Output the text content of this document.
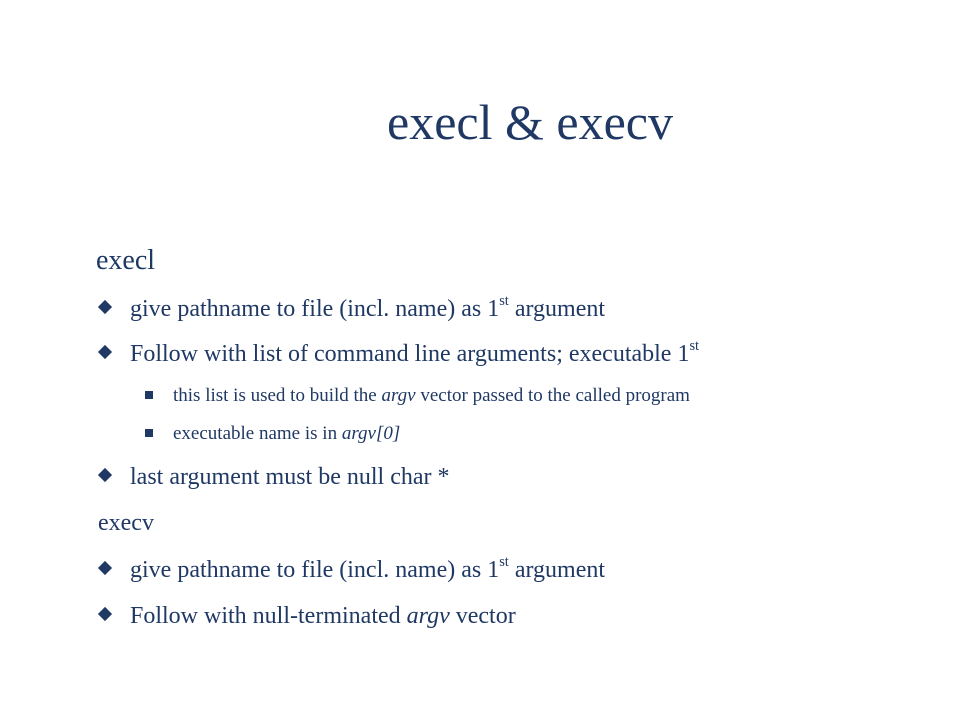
execl & execv
execl
give pathname to file (incl. name) as 1st argument
Follow with list of command line arguments; executable 1st
this list is used to build the argv vector passed to the called program
executable name is in argv[0]
last argument must be null char *
execv
give pathname to file (incl. name) as 1st argument
Follow with null-terminated argv vector
